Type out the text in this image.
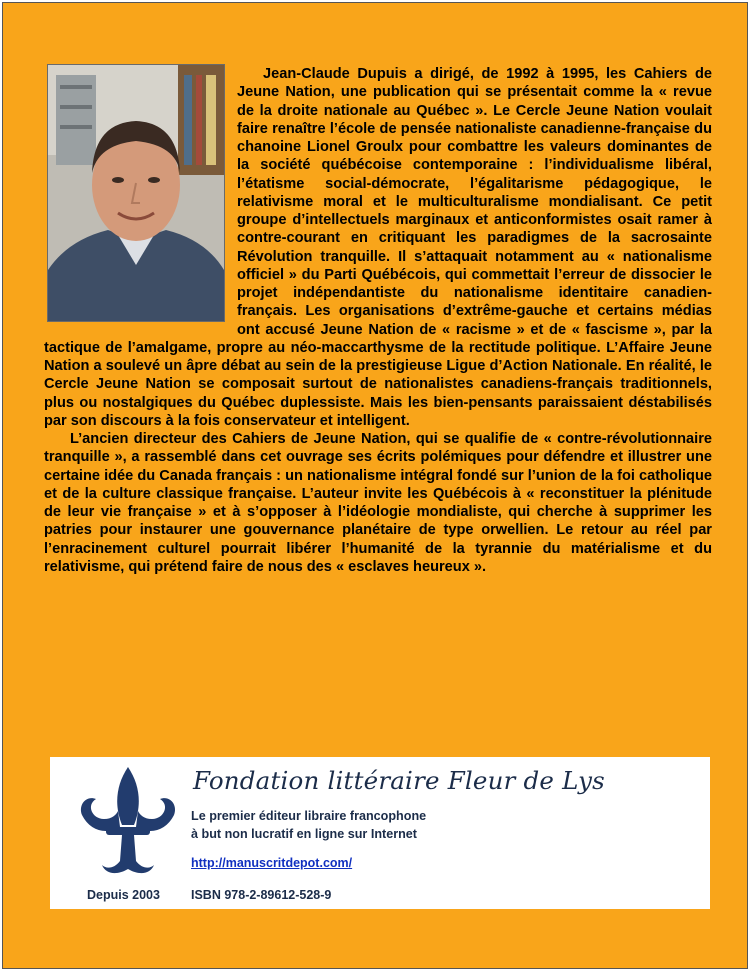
Jean-Claude Dupuis a dirigé, de 1992 à 1995, les Cahiers de Jeune Nation, une publication qui se présentait comme la « revue de la droite nationale au Québec ». Le Cercle Jeune Nation voulait faire renaître l’école de pensée nationaliste canadienne-française du chanoine Lionel Groulx pour combattre les valeurs dominantes de la société québécoise contemporaine : l’individualisme libéral, l’étatisme social-démocrate, l’égalitarisme pédagogique, le relativisme moral et le multiculturalisme mondialisant. Ce petit groupe d’intellectuels marginaux et anticonformistes osait ramer à contre-courant en critiquant les paradigmes de la sacrosainte Révolution tranquille. Il s’attaquait notamment au « nationalisme officiel » du Parti Québécois, qui commettait l’erreur de dissocier le projet indépendantiste du nationalisme identitaire canadien-français. Les organisations d’extrême-gauche et certains médias ont accusé Jeune Nation de « racisme » et de « fascisme », par la tactique de l’amalgame, propre au néo-maccarthysme de la rectitude politique. L’Affaire Jeune Nation a soulevé un âpre débat au sein de la prestigieuse Ligue d’Action Nationale. En réalité, le Cercle Jeune Nation se composait surtout de nationalistes canadiens-français traditionnels, plus ou nostalgiques du Québec duplessiste. Mais les bien-pensants paraissaient déstabilisés par son discours à la fois conservateur et intelligent.

L’ancien directeur des Cahiers de Jeune Nation, qui se qualifie de « contre-révolutionnaire tranquille », a rassemblé dans cet ouvrage ses écrits polémiques pour défendre et illustrer une certaine idée du Canada français : un nationalisme intégral fondé sur l’union de la foi catholique et de la culture classique française. L’auteur invite les Québécois à « reconstituer la plénitude de leur vie française » et à s’opposer à l’idéologie mondialiste, qui cherche à supprimer les patries pour instaurer une gouvernance planétaire de type orwellien. Le retour au réel par l’enracinement culturel pourrait libérer l’humanité de la tyrannie du matérialisme et du relativisme, qui prétend faire de nous des « esclaves heureux ».

Depuis 2003
Fondation littéraire Fleur de Lys
Le premier éditeur libraire francophone
à but non lucratif en ligne sur Internet
http://manuscritdepot.com/
ISBN 978-2-89612-528-9
